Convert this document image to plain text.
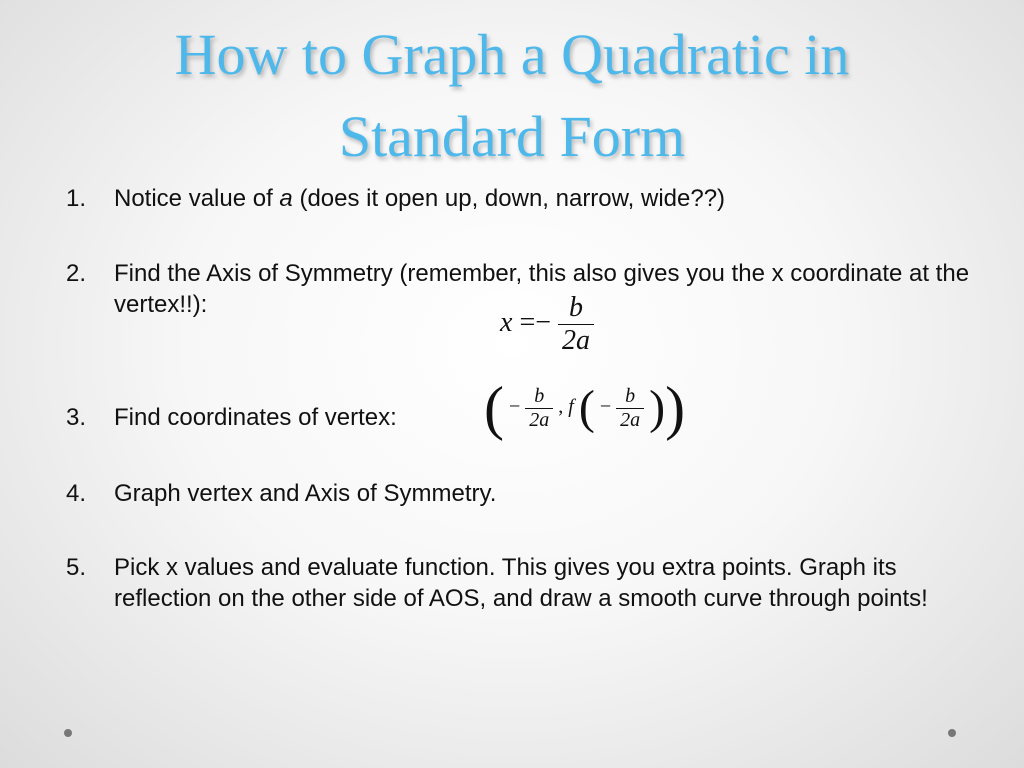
How to Graph a Quadratic in
Standard Form
1.	Notice value of a (does it open up, down, narrow, wide??)
2.	Find the Axis of Symmetry (remember, this also gives you the x coordinate at the vertex!!):
$x =- \frac{b}{2a}$
3.	Find coordinates of vertex:	( − $\frac{b}{2a}$ , f ( − $\frac{b}{2a}$ ))
4.	Graph vertex and Axis of Symmetry.
5.	Pick x values and evaluate function. This gives you extra points. Graph its reflection on the other side of AOS, and draw a smooth curve through points!
